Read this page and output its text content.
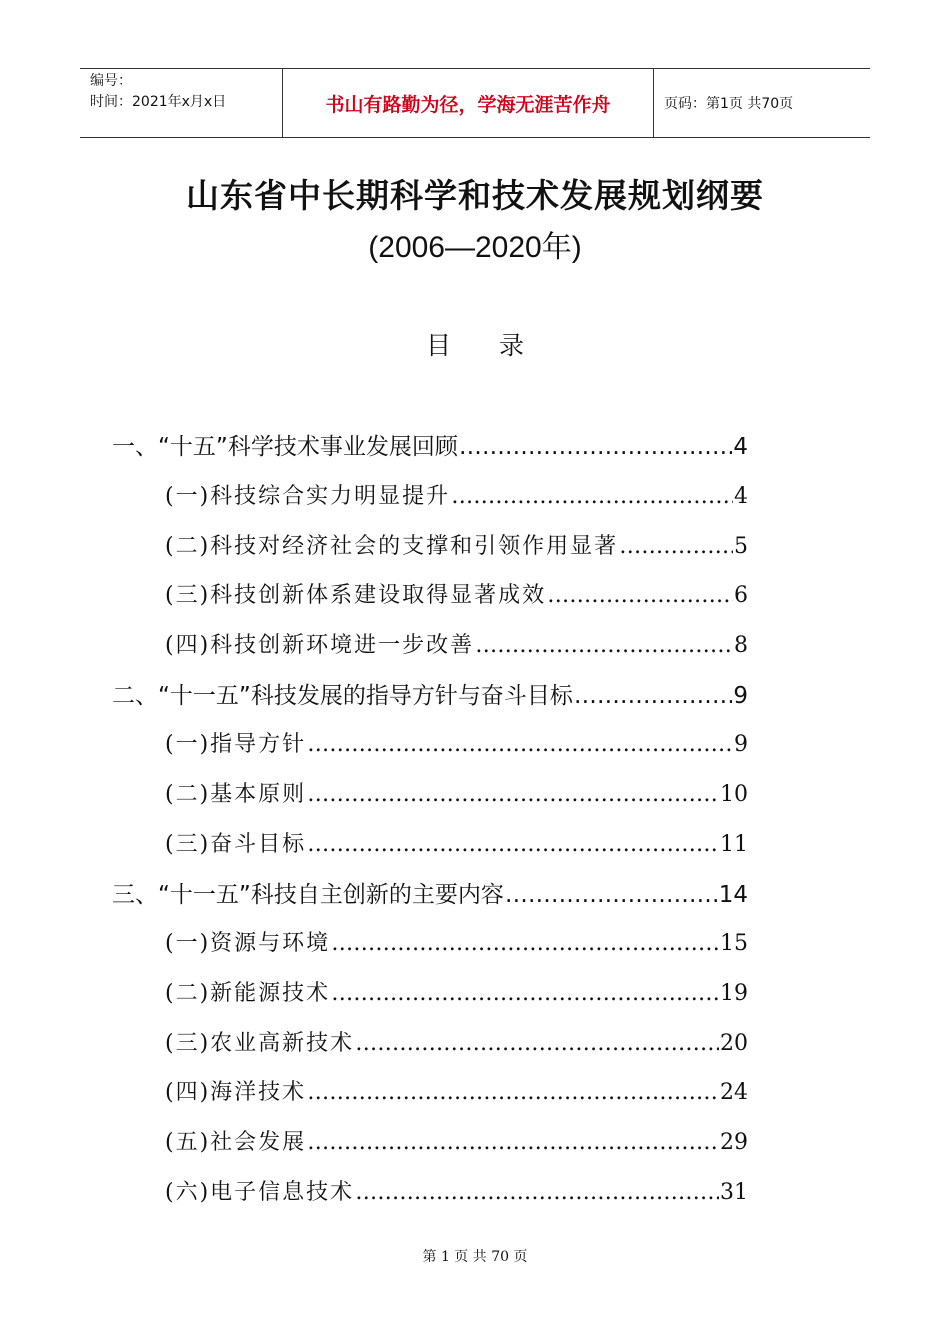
编号：
时间：2021年x月x日	书山有路勤为径，学海无涯苦作舟	页码：第1页 共70页
山东省中长期科学和技术发展规划纲要
(2006—2020年)
目录
一、 “十五”科学技术事业发展回顾 ……………………………………………………………………………………………………………………………………………	4
(一) 科技综合实力明显提升 ……………………………………………………………………………………………………………………………………………	4
(二) 科技对经济社会的支撑和引领作用显著 ……………………………………………………………………………………………………………………………………………	5
(三) 科技创新体系建设取得显著成效 ……………………………………………………………………………………………………………………………………………	6
(四) 科技创新环境进一步改善 ……………………………………………………………………………………………………………………………………………	8
二、 “十一五”科技发展的指导方针与奋斗目标 ……………………………………………………………………………………………………………………………………………	9
(一) 指导方针 ……………………………………………………………………………………………………………………………………………	9
(二) 基本原则 ……………………………………………………………………………………………………………………………………………	10
(三) 奋斗目标 ……………………………………………………………………………………………………………………………………………	11
三、 “十一五”科技自主创新的主要内容 ……………………………………………………………………………………………………………………………………………	14
(一) 资源与环境 ……………………………………………………………………………………………………………………………………………	15
(二) 新能源技术 ……………………………………………………………………………………………………………………………………………	19
(三) 农业高新技术 ……………………………………………………………………………………………………………………………………………	20
(四) 海洋技术 ……………………………………………………………………………………………………………………………………………	24
(五) 社会发展 ……………………………………………………………………………………………………………………………………………	29
(六) 电子信息技术 ……………………………………………………………………………………………………………………………………………	31
第 1 页 共 70 页
